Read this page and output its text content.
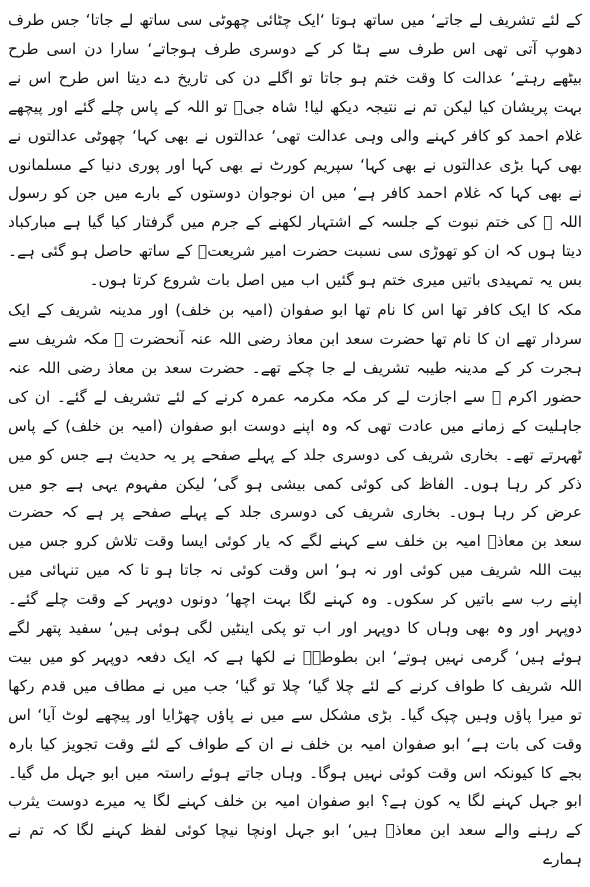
کے لئے تشریف لے جاتے‘ میں ساتھ ہوتا ‘ایک چٹائی چھوٹی سی ساتھ لے جاتا‘ جس طرف دھوپ آتی تھی اس طرف سے ہٹا کر کے دوسری طرف ہوجاتے‘ سارا دن اسی طرح بیٹھے رہتے‘ عدالت کا وقت ختم ہو جاتا تو اگلے دن کی تاریخ دے دیتا اس طرح اس نے بہت پریشان کیا لیکن تم نے نتیجہ دیکھ لیا! شاہ جیؒ تو اللہ کے پاس چلے گئے اور پیچھے غلام احمد کو کافر کہنے والی وہی عدالت تھی‘ عدالتوں نے بھی کہا‘ چھوٹی عدالتوں نے بھی کہا بڑی عدالتوں نے بھی کہا‘ سپریم کورٹ نے بھی کہا اور پوری دنیا کے مسلمانوں نے بھی کہا کہ غلام احمد کافر ہے‘ میں ان نوجوان دوستوں کے بارے میں جن کو رسول اللہ ﷺ کی ختم نبوت کے جلسہ کے اشتہار لکھنے کے جرم میں گرفتار کیا گیا ہے مبارکباد دیتا ہوں کہ ان کو تھوڑی سی نسبت حضرت امیر شریعتؒ کے ساتھ حاصل ہو گئی ہے۔ بس یہ تمہیدی باتیں میری ختم ہو گئیں اب میں اصل بات شروع کرتا ہوں۔

مکہ کا ایک کافر تھا اس کا نام تھا ابو صفوان (امیہ بن خلف) اور مدینہ شریف کے ایک سردار تھے ان کا نام تھا حضرت سعد ابن معاذ رضی اللہ عنہ آنحضرت ﷺ مکہ شریف سے ہجرت کر کے مدینہ طیبہ تشریف لے جا چکے تھے۔ حضرت سعد بن معاذ رضی اللہ عنہ حضور اکرم ﷺ سے اجازت لے کر مکہ مکرمہ عمرہ کرنے کے لئے تشریف لے گئے۔ ان کی جاہلیت کے زمانے میں عادت تھی کہ وہ اپنے دوست ابو صفوان (امیہ بن خلف) کے پاس ٹھہرتے تھے۔ بخاری شریف کی دوسری جلد کے پہلے صفحے پر یہ حدیث ہے جس کو میں ذکر کر رہا ہوں۔ الفاظ کی کوئی کمی بیشی ہو گی‘ لیکن مفہوم یہی ہے جو میں عرض کر رہا ہوں۔ بخاری شریف کی دوسری جلد کے پہلے صفحے پر ہے کہ حضرت سعد بن معاذؓ امیہ بن خلف سے کہنے لگے کہ یار کوئی ایسا وقت تلاش کرو جس میں بیت اللہ شریف میں کوئی اور نہ ہو‘ اس وقت کوئی نہ جاتا ہو تا کہ میں تنہائی میں اپنے رب سے باتیں کر سکوں۔ وہ کہنے لگا بہت اچھا‘ دونوں دوپہر کے وقت چلے گئے۔ دوپہر اور وہ بھی وہاں کا دوپہر اور اب تو پکی اینٹیں لگی ہوئی ہیں‘ سفید پتھر لگے ہوئے ہیں‘ گرمی نہیں ہوتے‘ ابن بطوطہؒ نے لکھا ہے کہ ایک دفعہ دوپہر کو میں بیت اللہ شریف کا طواف کرنے کے لئے چلا گیا‘ چلا تو گیا‘ جب میں نے مطاف میں قدم رکھا تو میرا پاؤں وہیں چپک گیا۔ بڑی مشکل سے میں نے پاؤں چھڑایا اور پیچھے لوٹ آیا‘ اس وقت کی بات ہے‘ ابو صفوان امیہ بن خلف نے ان کے طواف کے لئے وقت تجویز کیا بارہ بجے کا کیونکہ اس وقت کوئی نہیں ہوگا۔ وہاں جاتے ہوئے راستہ میں ابو جہل مل گیا۔ ابو جہل کہنے لگا یہ کون ہے؟ ابو صفوان امیہ بن خلف کہنے لگا یہ میرے دوست یثرب کے رہنے والے سعد ابن معاذؓ ہیں‘ ابو جہل اونچا نیچا کوئی لفظ کہنے لگا کہ تم نے ہمارے
